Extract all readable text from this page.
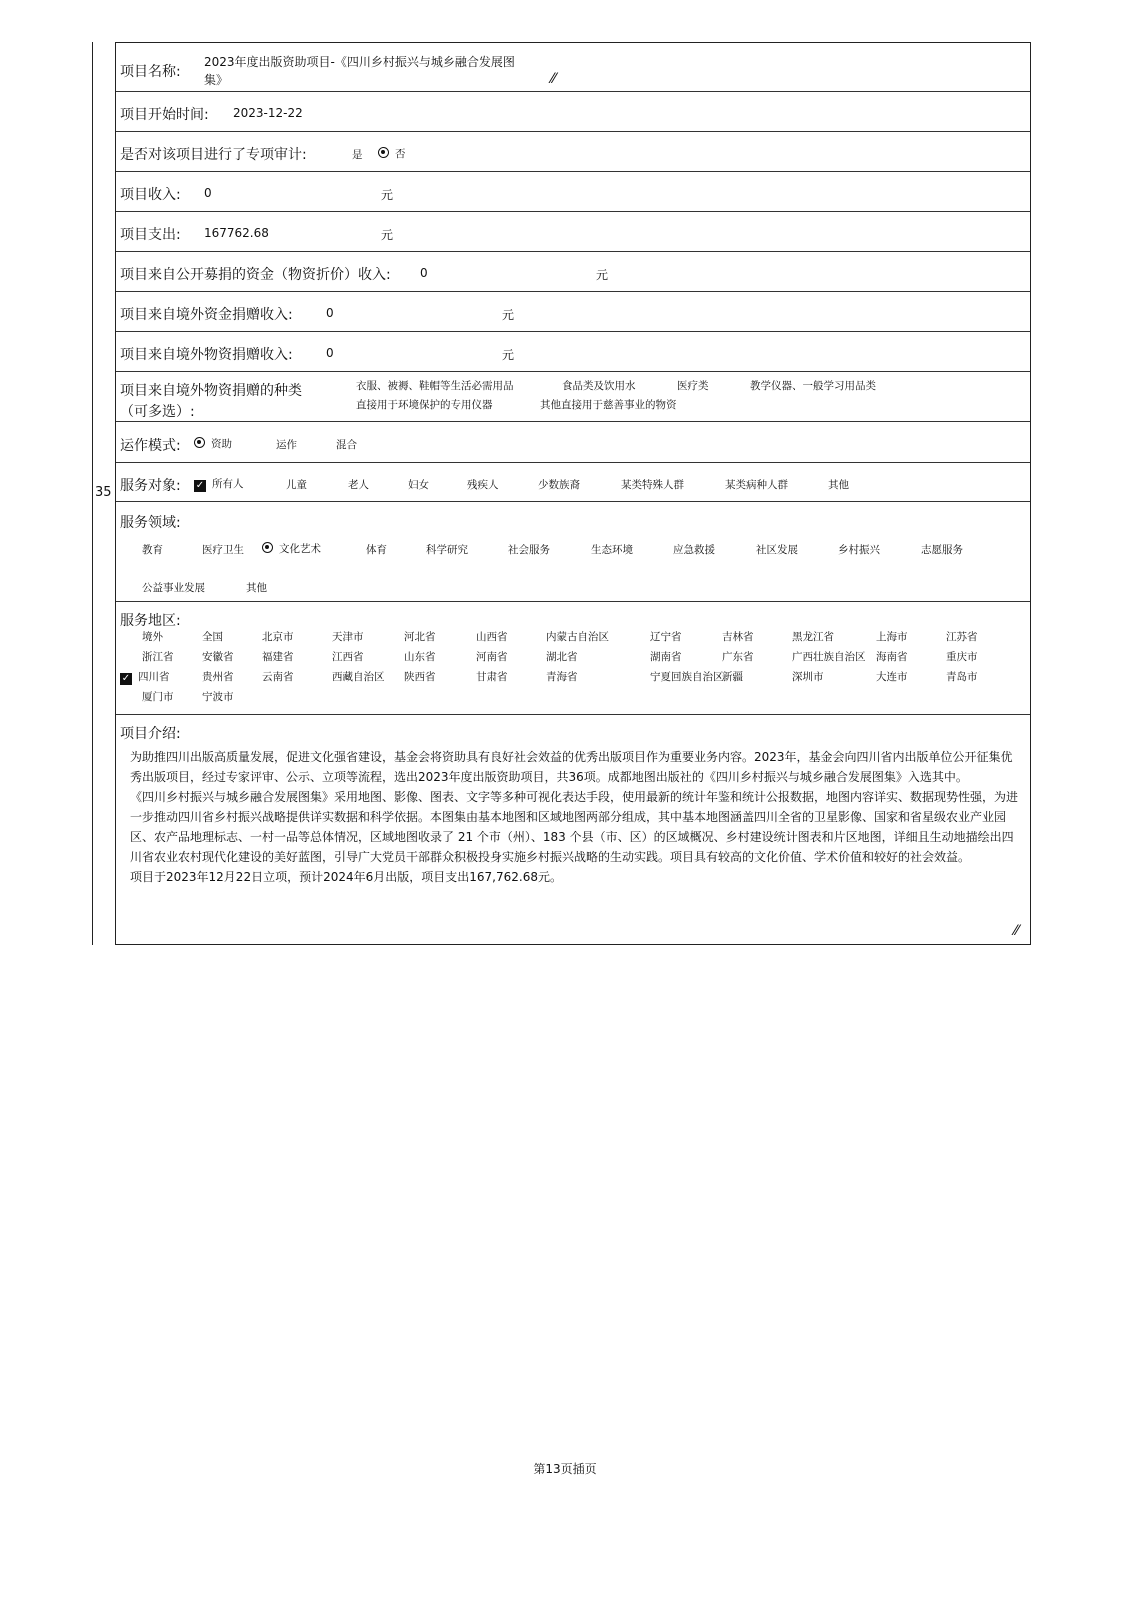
项目名称:
2023年度出版资助项目-《四川乡村振兴与城乡融合发展图
集》	⁄⁄
项目开始时间: 2023-12-22
是否对该项目进行了专项审计:	是	否
项目收入: 0	元
项目支出: 167762.68	元
项目来自公开募捐的资金（物资折价）收入: 0	元
项目来自境外资金捐赠收入:	0	元
项目来自境外物资捐赠收入:	0	元
项目来自境外物资捐赠的种类
（可多选）:
衣服、被褥、鞋帽等生活必需用品	食品类及饮用水	医疗类	教学仪器、一般学习用品类
直接用于环境保护的专用仪器	其他直接用于慈善事业的物资
运作模式:	资助	运作	混合
服务对象: ✓ 所有人	儿童	老人	妇女	残疾人	少数族裔	某类特殊人群	某类病种人群	其他
服务领域:
教育	医疗卫生	文化艺术	体育	科学研究	社会服务	生态环境	应急救援	社区发展	乡村振兴	志愿服务
公益事业发展	其他
服务地区:
境外	全国	北京市	天津市	河北省	山西省	内蒙古自治区	辽宁省	吉林省	黑龙江省	上海市	江苏省
浙江省	安徽省	福建省	江西省	山东省	河南省	湖北省	湖南省	广东省	广西壮族自治区 海南省	重庆市
✓ 四川省	贵州省	云南省	西藏自治区 陕西省	甘肃省	青海省	宁夏回族自治区
新疆	深圳市	大连市	青岛市
厦门市	宁波市
项目介绍:

为助推四川出版高质量发展，促进文化强省建设，基金会将资助具有良好社会效益的优秀出版项目作为重要业务内容。2023年，基金会向四川省内出版单位公开征集优秀出版项目，经过专家评审、公示、立项等流程，选出2023年度出版资助项目，共36项。成都地图出版社的《四川乡村振兴与城乡融合发展图集》入选其中。

《四川乡村振兴与城乡融合发展图集》采用地图、影像、图表、文字等多种可视化表达手段，使用最新的统计年鉴和统计公报数据，地图内容详实、数据现势性强，为进一步推动四川省乡村振兴战略提供详实数据和科学依据。本图集由基本地图和区域地图两部分组成，其中基本地图涵盖四川全省的卫星影像、国家和省星级农业产业园区、农产品地理标志、一村一品等总体情况，区域地图收录了 21 个市（州）、183 个县（市、区）的区域概况、乡村建设统计图表和片区地图，详细且生动地描绘出四川省农业农村现代化建设的美好蓝图，引导广大党员干部群众积极投身实施乡村振兴战略的生动实践。项目具有较高的文化价值、学术价值和较好的社会效益。

项目于2023年12月22日立项，预计2024年6月出版，项目支出167,762.68元。

⁄⁄
35
第13页插页
